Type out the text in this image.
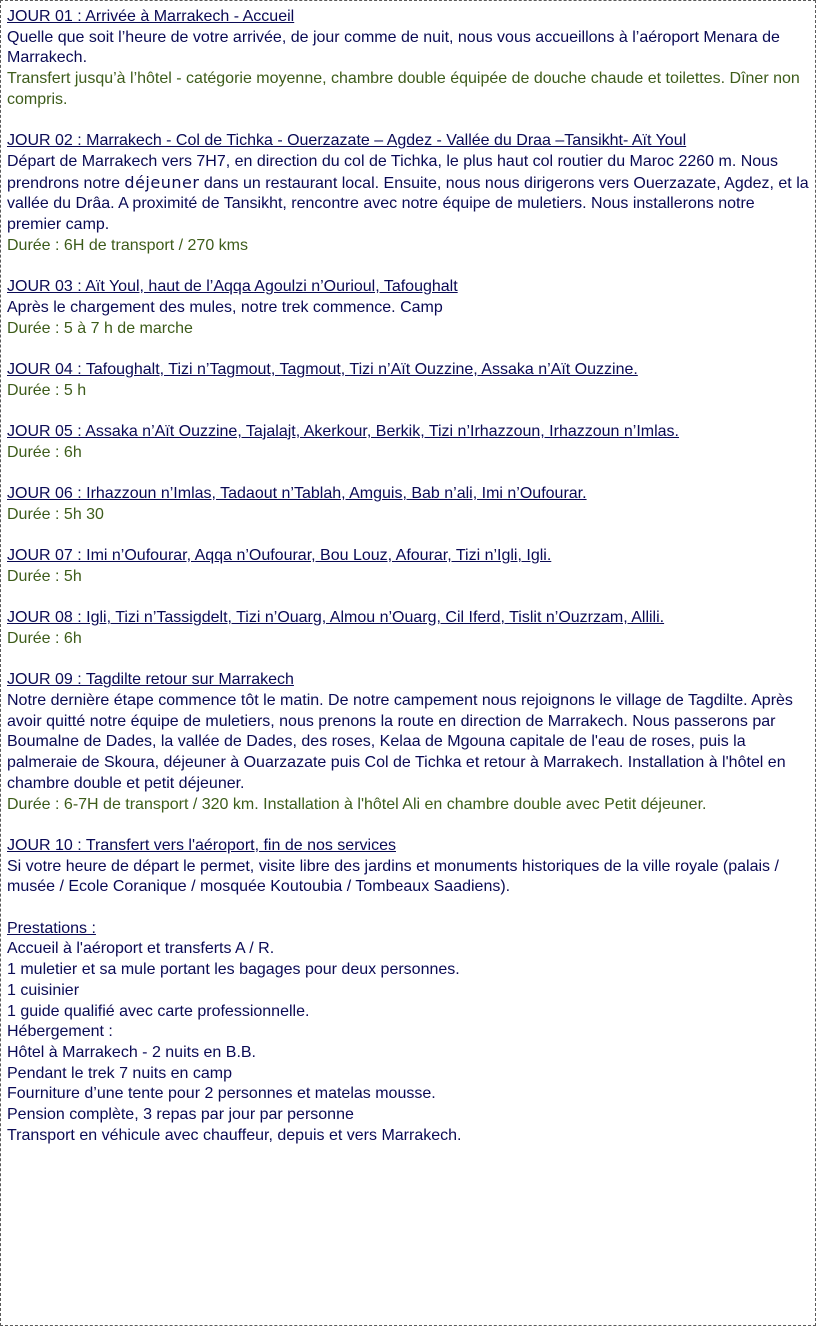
JOUR 01 : Arrivée à Marrakech - Accueil
Quelle que soit l’heure de votre arrivée, de jour comme de nuit, nous vous accueillons à l’aéroport Menara de Marrakech.
Transfert jusqu’à l’hôtel - catégorie moyenne, chambre double équipée de douche chaude et toilettes. Dîner non compris.
JOUR 02 : Marrakech - Col de Tichka - Ouerzazate – Agdez - Vallée du Draa –Tansikht- Aït Youl
Départ de Marrakech vers 7H7, en direction du col de Tichka, le plus haut col routier du Maroc 2260 m. Nous prendrons notre déjeuner dans un restaurant local. Ensuite, nous nous dirigerons vers Ouerzazate, Agdez, et la vallée du Drâa. A proximité de Tansikht, rencontre avec notre équipe de muletiers. Nous installerons notre premier camp.
Durée : 6H de transport / 270 kms
JOUR 03 : Aït Youl, haut de l’Aqqa Agoulzi n’Ourioul, Tafoughalt
Après le chargement des mules, notre trek commence. Camp
Durée : 5 à 7 h de marche
JOUR 04 : Tafoughalt, Tizi n’Tagmout, Tagmout, Tizi n’Aït Ouzzine, Assaka n’Aït Ouzzine.
Durée : 5 h
JOUR 05 : Assaka n’Aït Ouzzine, Tajalajt, Akerkour, Berkik, Tizi n’Irhazzoun, Irhazzoun n’Imlas.
Durée : 6h
JOUR 06 : Irhazzoun n’Imlas, Tadaout n’Tablah, Amguis, Bab n’ali, Imi n’Oufourar.
Durée : 5h 30
JOUR 07 : Imi n’Oufourar, Aqqa n’Oufourar, Bou Louz, Afourar, Tizi n’Igli, Igli.
Durée : 5h
JOUR 08 : Igli, Tizi n’Tassigdelt, Tizi n’Ouarg, Almou n’Ouarg, Cil Iferd, Tislit n’Ouzrzam, Allili.
Durée : 6h
JOUR 09 : Tagdilte retour sur Marrakech
Notre dernière étape commence tôt le matin. De notre campement nous rejoignons le village de Tagdilte. Après avoir quitté notre équipe de muletiers, nous prenons la route en direction de Marrakech. Nous passerons par Boumalne de Dades, la vallée de Dades, des roses, Kelaa de Mgouna capitale de l'eau de roses, puis la palmeraie de Skoura, déjeuner à Ouarzazate puis Col de Tichka et retour à Marrakech. Installation à l'hôtel en chambre double et petit déjeuner.
Durée : 6-7H de transport / 320 km. Installation à l'hôtel Ali en chambre double avec Petit déjeuner.
JOUR 10 : Transfert vers l'aéroport, fin de nos services
Si votre heure de départ le permet, visite libre des jardins et monuments historiques de la ville royale (palais / musée / Ecole Coranique / mosquée Koutoubia / Tombeaux Saadiens).
Prestations :
Accueil à l'aéroport et transferts A / R.
1 muletier et sa mule portant les bagages pour deux personnes.
1 cuisinier
1 guide qualifié avec carte professionnelle.
Hébergement :
Hôtel à Marrakech - 2 nuits en B.B.
Pendant le trek 7 nuits en camp
Fourniture d’une tente pour 2 personnes et matelas mousse.
Pension complète, 3 repas par jour par personne
Transport en véhicule avec chauffeur, depuis et vers Marrakech.
